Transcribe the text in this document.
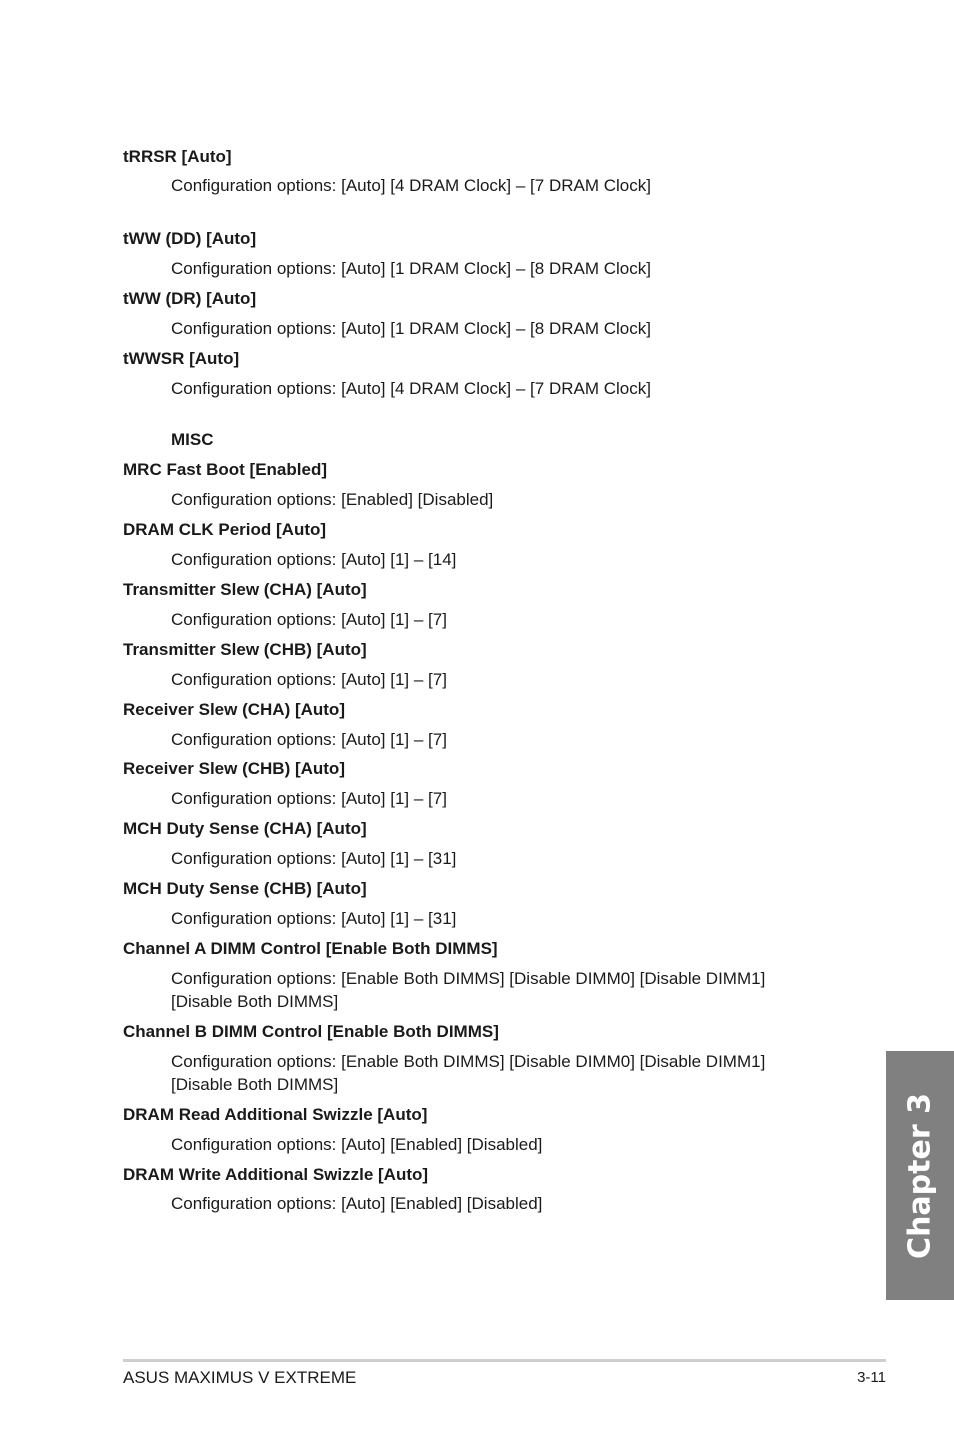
tRRSR [Auto]
Configuration options: [Auto] [4 DRAM Clock] – [7 DRAM Clock]
tWW (DD) [Auto]
Configuration options: [Auto] [1 DRAM Clock] – [8 DRAM Clock]
tWW (DR) [Auto]
Configuration options: [Auto] [1 DRAM Clock] – [8 DRAM Clock]
tWWSR [Auto]
Configuration options: [Auto] [4 DRAM Clock] – [7 DRAM Clock]
MISC
MRC Fast Boot [Enabled]
Configuration options: [Enabled] [Disabled]
DRAM CLK Period [Auto]
Configuration options: [Auto] [1] – [14]
Transmitter Slew (CHA) [Auto]
Configuration options: [Auto] [1] – [7]
Transmitter Slew (CHB) [Auto]
Configuration options: [Auto] [1] – [7]
Receiver Slew (CHA) [Auto]
Configuration options: [Auto] [1] – [7]
Receiver Slew (CHB) [Auto]
Configuration options: [Auto] [1] – [7]
MCH Duty Sense (CHA) [Auto]
Configuration options: [Auto] [1] – [31]
MCH Duty Sense (CHB) [Auto]
Configuration options: [Auto] [1] – [31]
Channel A DIMM Control [Enable Both DIMMS]
Configuration options: [Enable Both DIMMS] [Disable DIMM0] [Disable DIMM1]
[Disable Both DIMMS]
Channel B DIMM Control [Enable Both DIMMS]
Configuration options: [Enable Both DIMMS] [Disable DIMM0] [Disable DIMM1]
[Disable Both DIMMS]
DRAM Read Additional Swizzle [Auto]
Configuration options: [Auto] [Enabled] [Disabled]
DRAM Write Additional Swizzle [Auto]
Configuration options: [Auto] [Enabled] [Disabled]	Chapter 3
ASUS MAXIMUS V EXTREME	3-11
